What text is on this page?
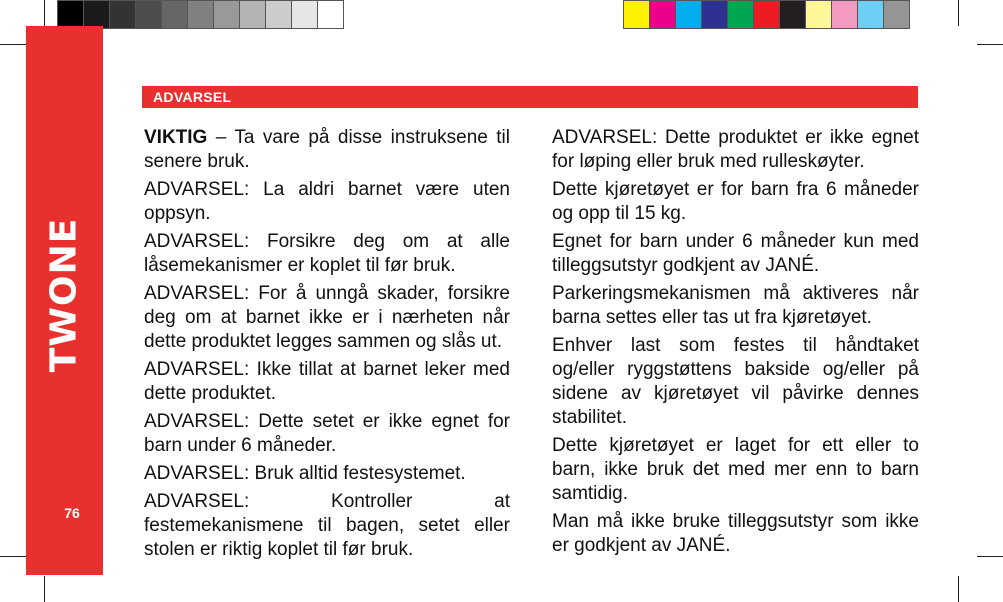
TWONE
76
ADVARSEL

VIKTIG – Ta vare på disse instruksene til senere bruk.

ADVARSEL: La aldri barnet være uten oppsyn.

ADVARSEL: Forsikre deg om at alle låsemekanismer er koplet til før bruk.

ADVARSEL: For å unngå skader, forsikre deg om at barnet ikke er i nærheten når dette produktet legges sammen og slås ut.

ADVARSEL: Ikke tillat at barnet leker med dette produktet.

ADVARSEL: Dette setet er ikke egnet for barn under 6 måneder.

ADVARSEL: Bruk alltid festesystemet.

ADVARSEL: Kontroller at festemekanismene til bagen, setet eller stolen er riktig koplet til før bruk.

ADVARSEL: Dette produktet er ikke egnet for løping eller bruk med rulleskøyter.

Dette kjøretøyet er for barn fra 6 måneder og opp til 15 kg.

Egnet for barn under 6 måneder kun med tilleggsutstyr godkjent av JANÉ.

Parkeringsmekanismen må aktiveres når barna settes eller tas ut fra kjøretøyet.

Enhver last som festes til håndtaket og/eller ryggstøttens bakside og/eller på sidene av kjøretøyet vil påvirke dennes stabilitet.

Dette kjøretøyet er laget for ett eller to barn, ikke bruk det med mer enn to barn samtidig.

Man må ikke bruke tilleggsutstyr som ikke er godkjent av JANÉ.
